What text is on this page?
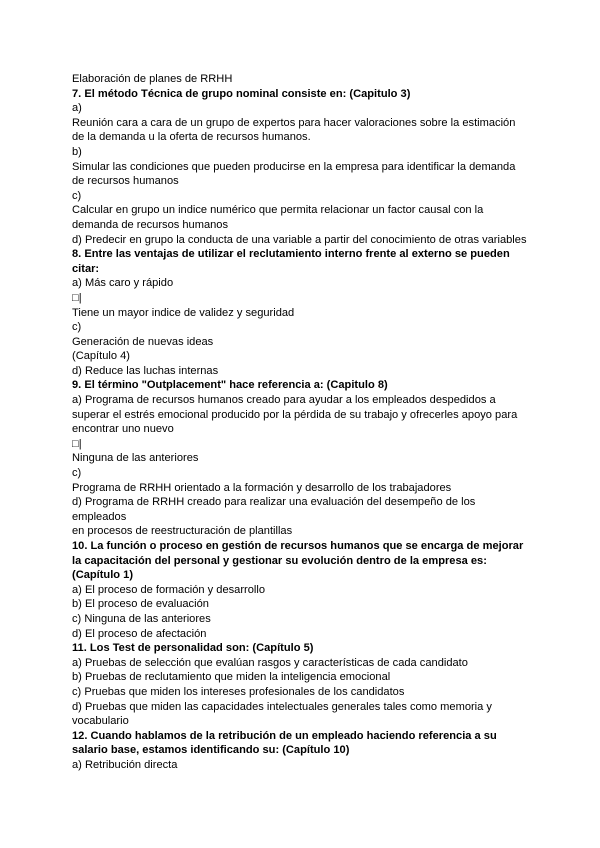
Elaboración de planes de RRHH
7. El método Técnica de grupo nominal consiste en: (Capitulo 3)
a)
Reunión cara a cara de un grupo de expertos para hacer valoraciones sobre la estimación
de la demanda u la oferta de recursos humanos.
b)
Simular las condiciones que pueden producirse en la empresa para identificar la demanda
de recursos humanos
c)
Calcular en grupo un indice numérico que permita relacionar un factor causal con la
demanda de recursos humanos
d) Predecir en grupo la conducta de una variable a partir del conocimiento de otras variables
8. Entre las ventajas de utilizar el reclutamiento interno frente al externo se pueden
citar:
a) Más caro y rápido
□|
Tiene un mayor indice de validez y seguridad
c)
Generación de nuevas ideas
(Capítulo 4)
d) Reduce las luchas internas
9. El término "Outplacement" hace referencia a: (Capitulo 8)
a) Programa de recursos humanos creado para ayudar a los empleados despedidos a
superar el estrés emocional producido por la pérdida de su trabajo y ofrecerles apoyo para
encontrar uno nuevo
□|
Ninguna de las anteriores
c)
Programa de RRHH orientado a la formación y desarrollo de los trabajadores
d) Programa de RRHH creado para realizar una evaluación del desempeño de los
empleados
en procesos de reestructuración de plantillas
10. La función o proceso en gestión de recursos humanos que se encarga de mejorar
la capacitación del personal y gestionar su evolución dentro de la empresa es:
(Capítulo 1)
a) El proceso de formación y desarrollo
b) El proceso de evaluación
c) Ninguna de las anteriores
d) El proceso de afectación
11. Los Test de personalidad son: (Capítulo 5)
a) Pruebas de selección que evalúan rasgos y características de cada candidato
b) Pruebas de reclutamiento que miden la inteligencia emocional
c) Pruebas que miden los intereses profesionales de los candidatos
d) Pruebas que miden las capacidades intelectuales generales tales como memoria y
vocabulario
12. Cuando hablamos de la retribución de un empleado haciendo referencia a su
salario base, estamos identificando su: (Capítulo 10)
a) Retribución directa
